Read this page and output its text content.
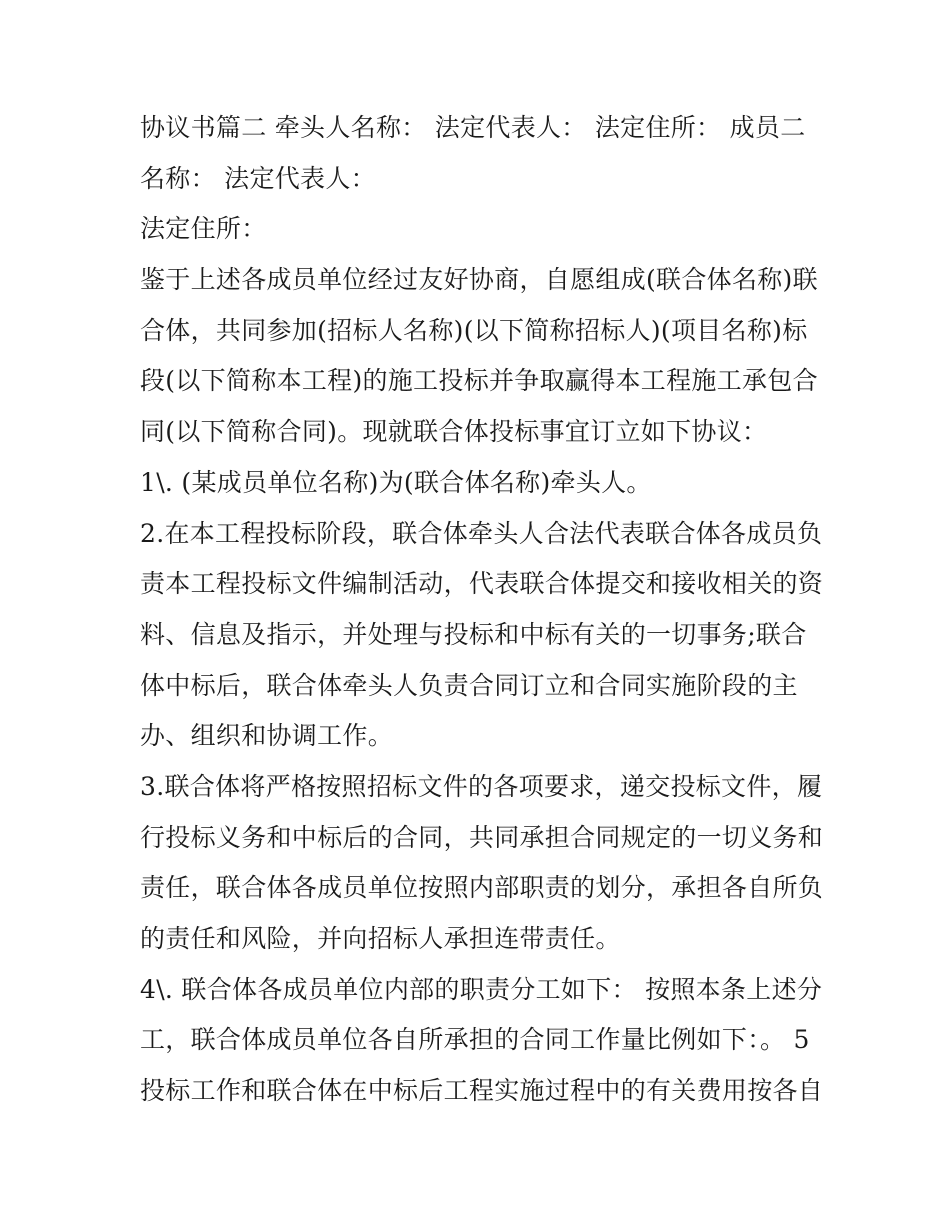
协议书篇二 牵头人名称： 法定代表人： 法定住所： 成员二
名称： 法定代表人：
法定住所：
鉴于上述各成员单位经过友好协商，自愿组成(联合体名称)联
合体，共同参加(招标人名称)(以下简称招标人)(项目名称)标
段(以下简称本工程)的施工投标并争取赢得本工程施工承包合
同(以下简称合同)。现就联合体投标事宜订立如下协议：
1\. (某成员单位名称)为(联合体名称)牵头人。
2.在本工程投标阶段，联合体牵头人合法代表联合体各成员负
责本工程投标文件编制活动，代表联合体提交和接收相关的资
料、信息及指示，并处理与投标和中标有关的一切事务;联合
体中标后，联合体牵头人负责合同订立和合同实施阶段的主
办、组织和协调工作。
3.联合体将严格按照招标文件的各项要求，递交投标文件，履
行投标义务和中标后的合同，共同承担合同规定的一切义务和
责任，联合体各成员单位按照内部职责的划分，承担各自所负
的责任和风险，并向招标人承担连带责任。
4\. 联合体各成员单位内部的职责分工如下： 按照本条上述分
工，联合体成员单位各自所承担的合同工作量比例如下：。 5
投标工作和联合体在中标后工程实施过程中的有关费用按各自
